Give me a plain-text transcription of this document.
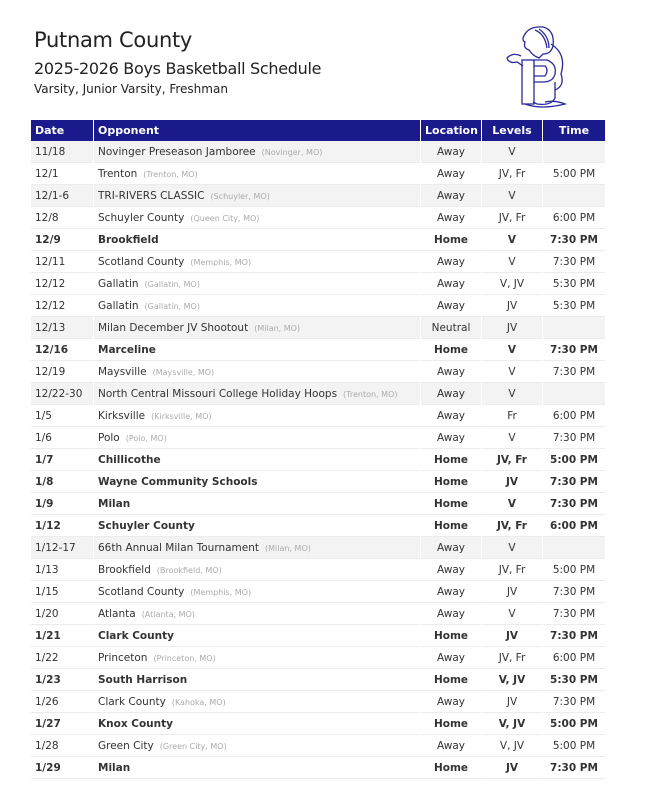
Putnam County
2025-2026 Boys Basketball Schedule
Varsity, Junior Varsity, Freshman
Date	Opponent	Location	Levels	Time
11/18	Novinger Preseason Jamboree (Novinger, MO)	Away	V	
12/1	Trenton (Trenton, MO)	Away	JV, Fr	5:00 PM
12/1-6	TRI-RIVERS CLASSIC (Schuyler, MO)	Away	V	
12/8	Schuyler County (Queen City, MO)	Away	JV, Fr	6:00 PM
12/9	Brookfield	Home	V	7:30 PM
12/11	Scotland County (Memphis, MO)	Away	V	7:30 PM
12/12	Gallatin (Gallatin, MO)	Away	V, JV	5:30 PM
12/12	Gallatin (Gallatin, MO)	Away	JV	5:30 PM
12/13	Milan December JV Shootout (Milan, MO)	Neutral	JV	
12/16	Marceline	Home	V	7:30 PM
12/19	Maysville (Maysville, MO)	Away	V	7:30 PM
12/22-30	North Central Missouri College Holiday Hoops (Trenton, MO)	Away	V	
1/5	Kirksville (Kirksville, MO)	Away	Fr	6:00 PM
1/6	Polo (Polo, MO)	Away	V	7:30 PM
1/7	Chillicothe	Home	JV, Fr	5:00 PM
1/8	Wayne Community Schools	Home	JV	7:30 PM
1/9	Milan	Home	V	7:30 PM
1/12	Schuyler County	Home	JV, Fr	6:00 PM
1/12-17	66th Annual Milan Tournament (Milan, MO)	Away	V	
1/13	Brookfield (Brookfield, MO)	Away	JV, Fr	5:00 PM
1/15	Scotland County (Memphis, MO)	Away	JV	7:30 PM
1/20	Atlanta (Atlanta, MO)	Away	V	7:30 PM
1/21	Clark County	Home	JV	7:30 PM
1/22	Princeton (Princeton, MO)	Away	JV, Fr	6:00 PM
1/23	South Harrison	Home	V, JV	5:30 PM
1/26	Clark County (Kahoka, MO)	Away	JV	7:30 PM
1/27	Knox County	Home	V, JV	5:00 PM
1/28	Green City (Green City, MO)	Away	V, JV	5:00 PM
1/29	Milan	Home	JV	7:30 PM
